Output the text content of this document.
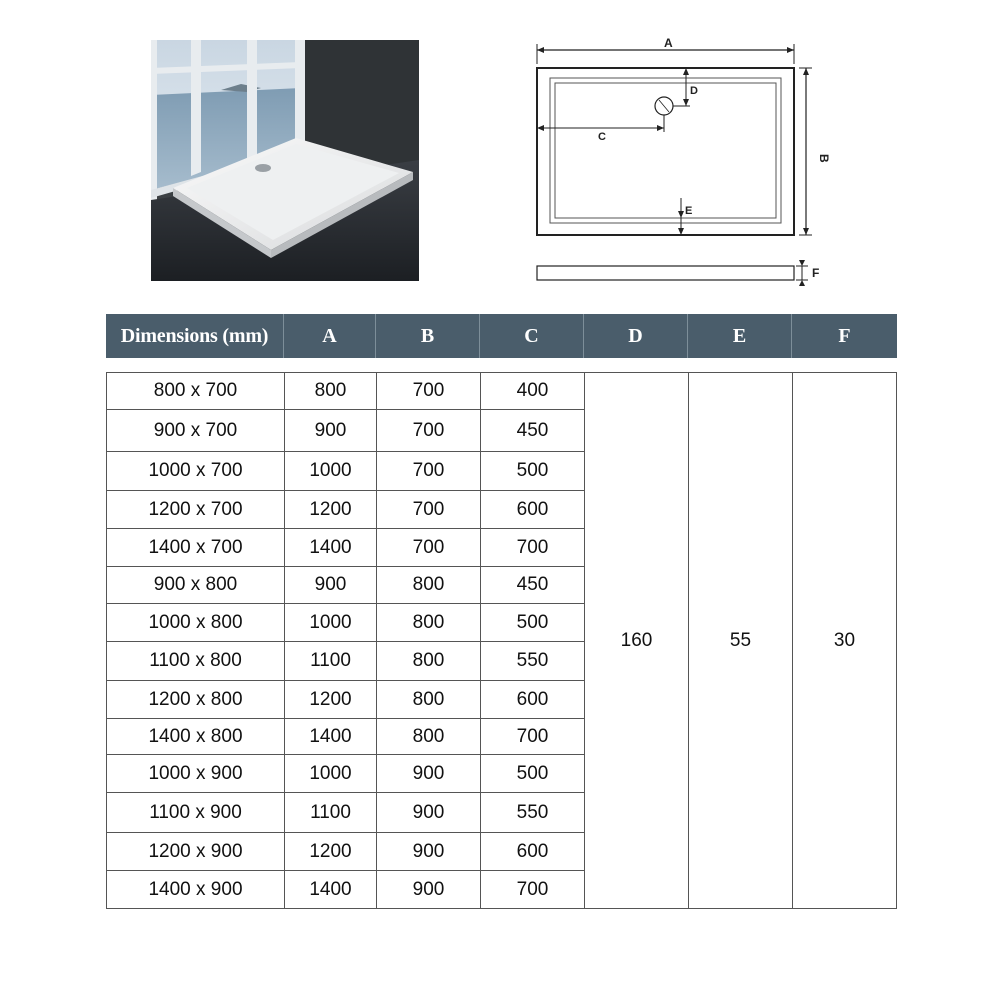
A
D
C
E
B
F
Dimensions (mm)	A	B	C	D	E	F
800 x 700	800	700	400
900 x 700	900	700	450
1000 x 700	1000	700	500
1200 x 700	1200	700	600
1400 x 700	1400	700	700
900 x 800	900	800	450
1000 x 800	1000	800	500
1100 x 800	1100	800	550
1200 x 800	1200	800	600
1400 x 800	1400	800	700
1000 x 900	1000	900	500
1100 x 900	1100	900	550
1200 x 900	1200	900	600
1400 x 900	1400	900	700
160	55	30
